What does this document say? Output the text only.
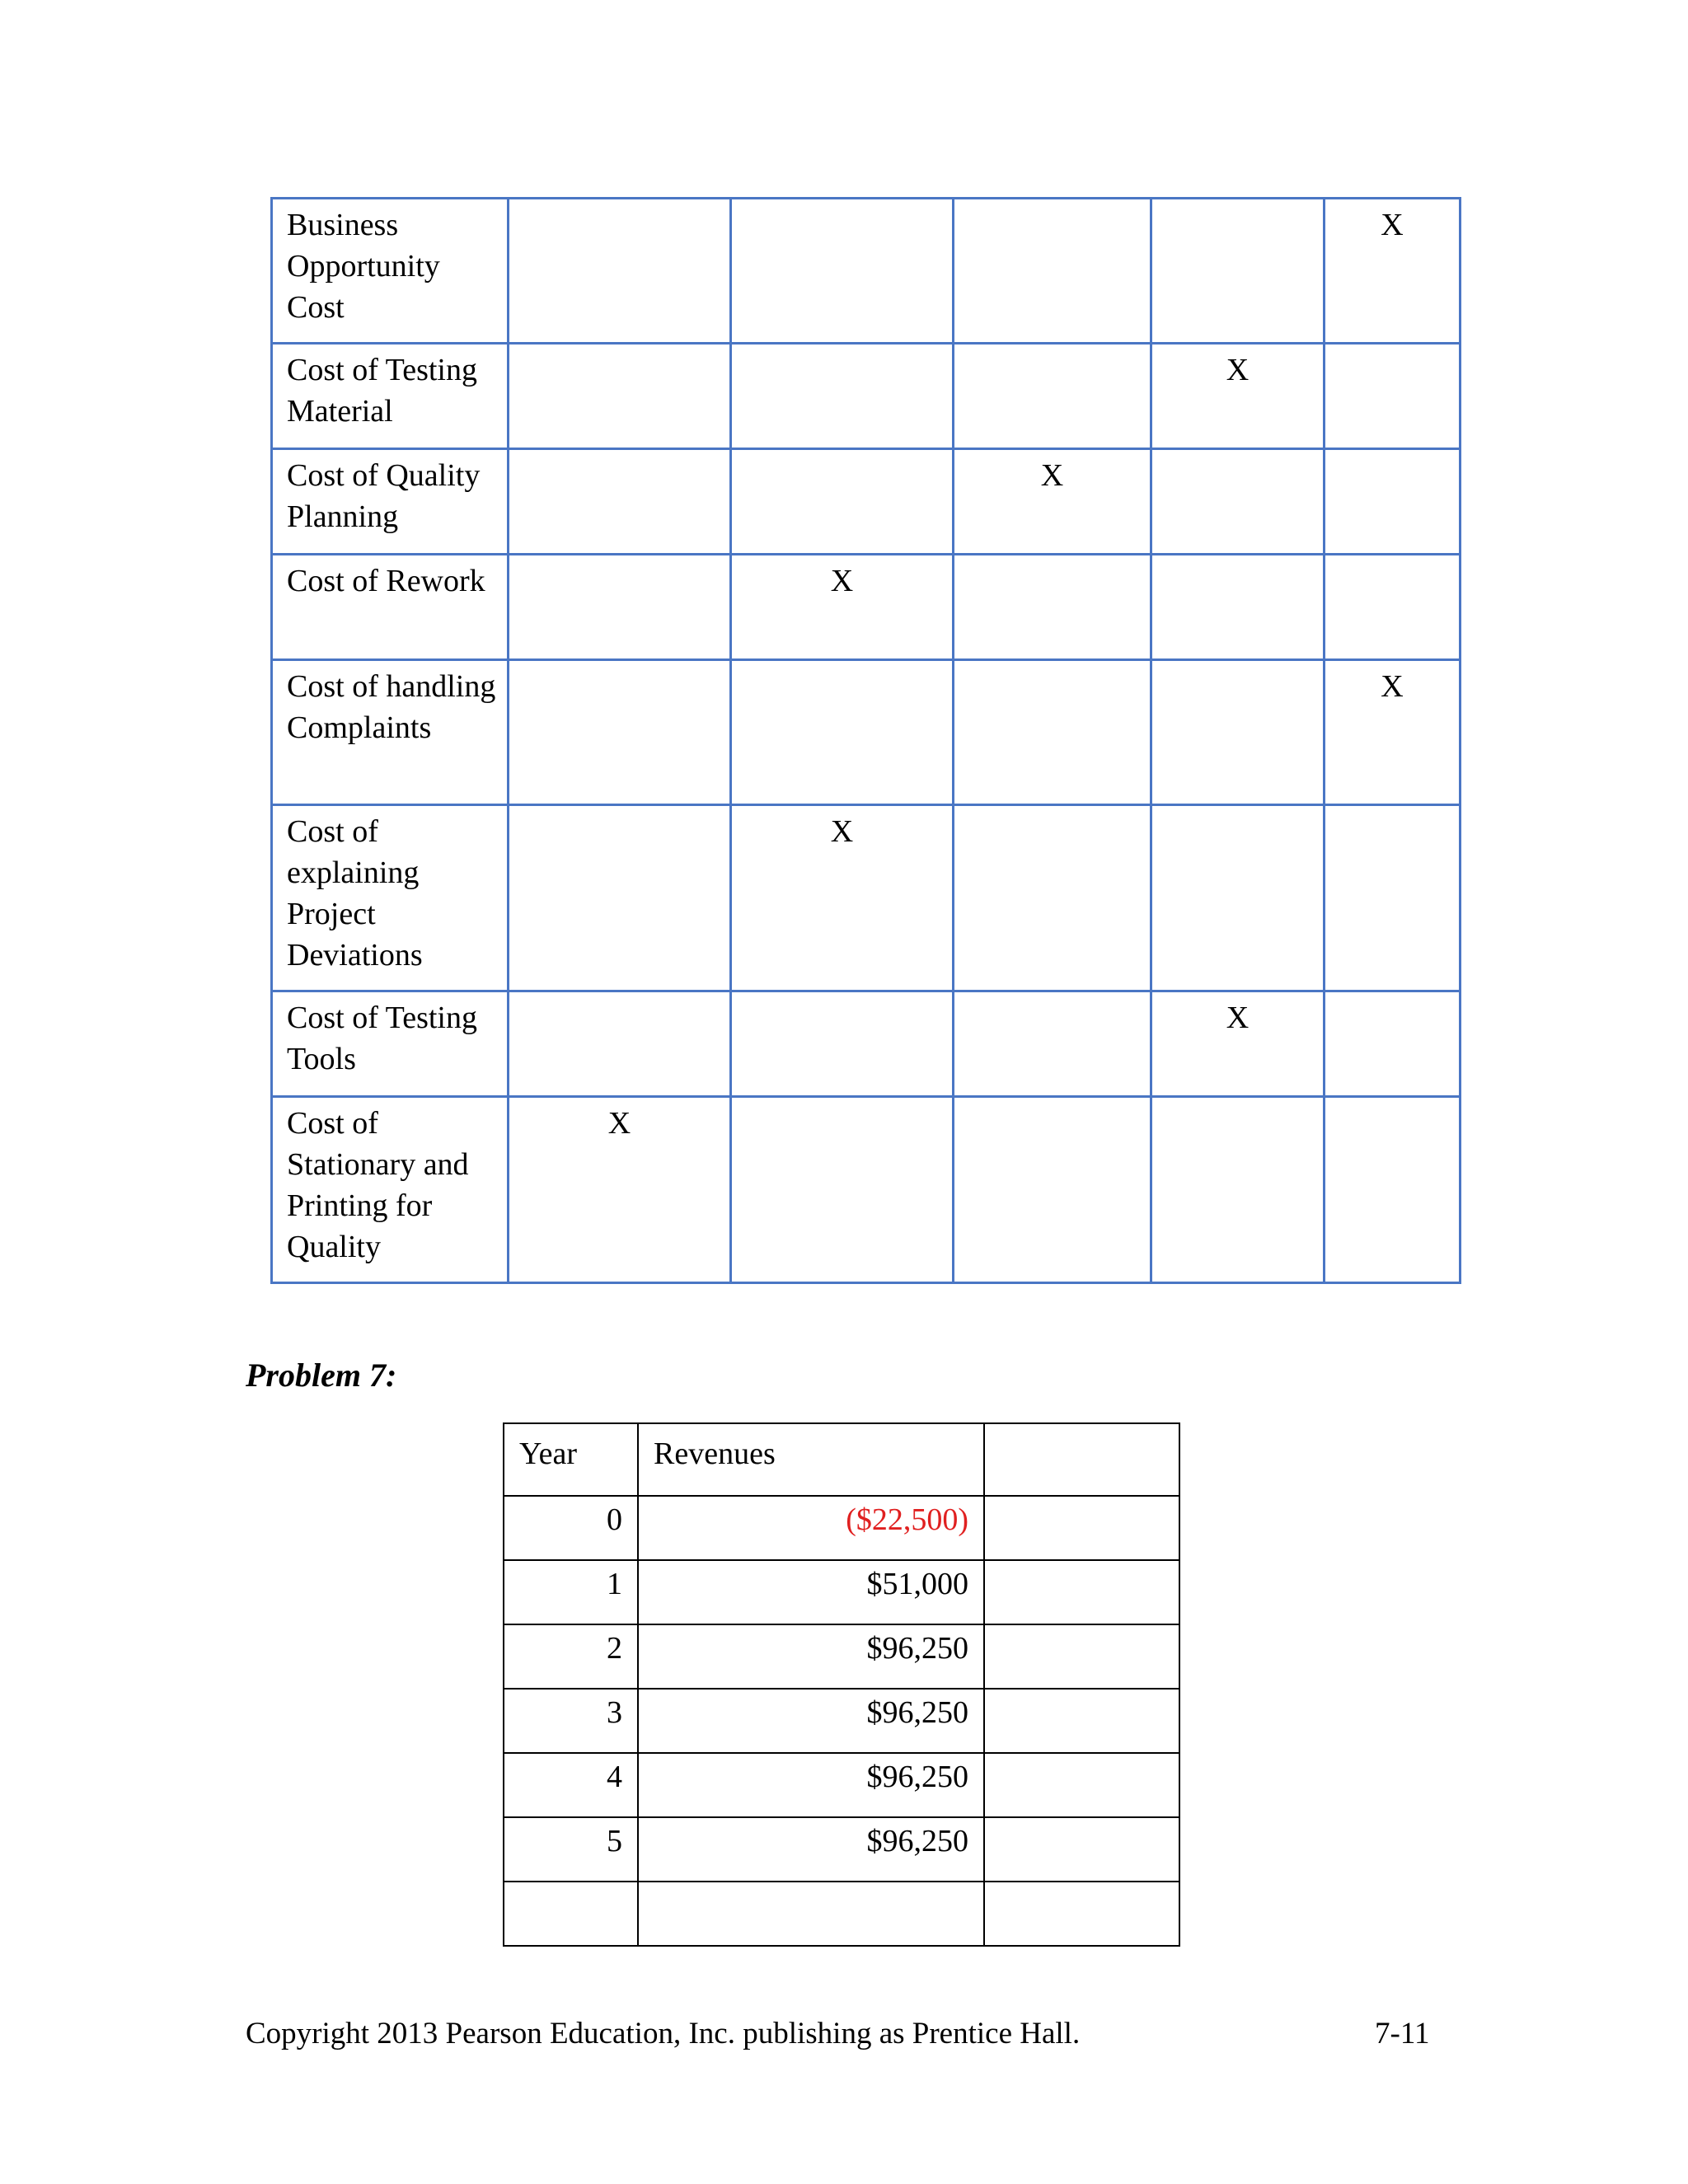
Business Opportunity Cost					X
Cost of Testing Material				X	
Cost of Quality Planning			X		
Cost of Rework		X			
Cost of handling Complaints					X
Cost of explaining Project Deviations		X			
Cost of Testing Tools				X	
Cost of Stationary and Printing for Quality	X				

Problem 7:

Year	Revenues	
0	($22,500)	
1	$51,000	
2	$96,250	
3	$96,250	
4	$96,250	
5	$96,250	

Copyright 2013 Pearson Education, Inc. publishing as Prentice Hall.	7-11
